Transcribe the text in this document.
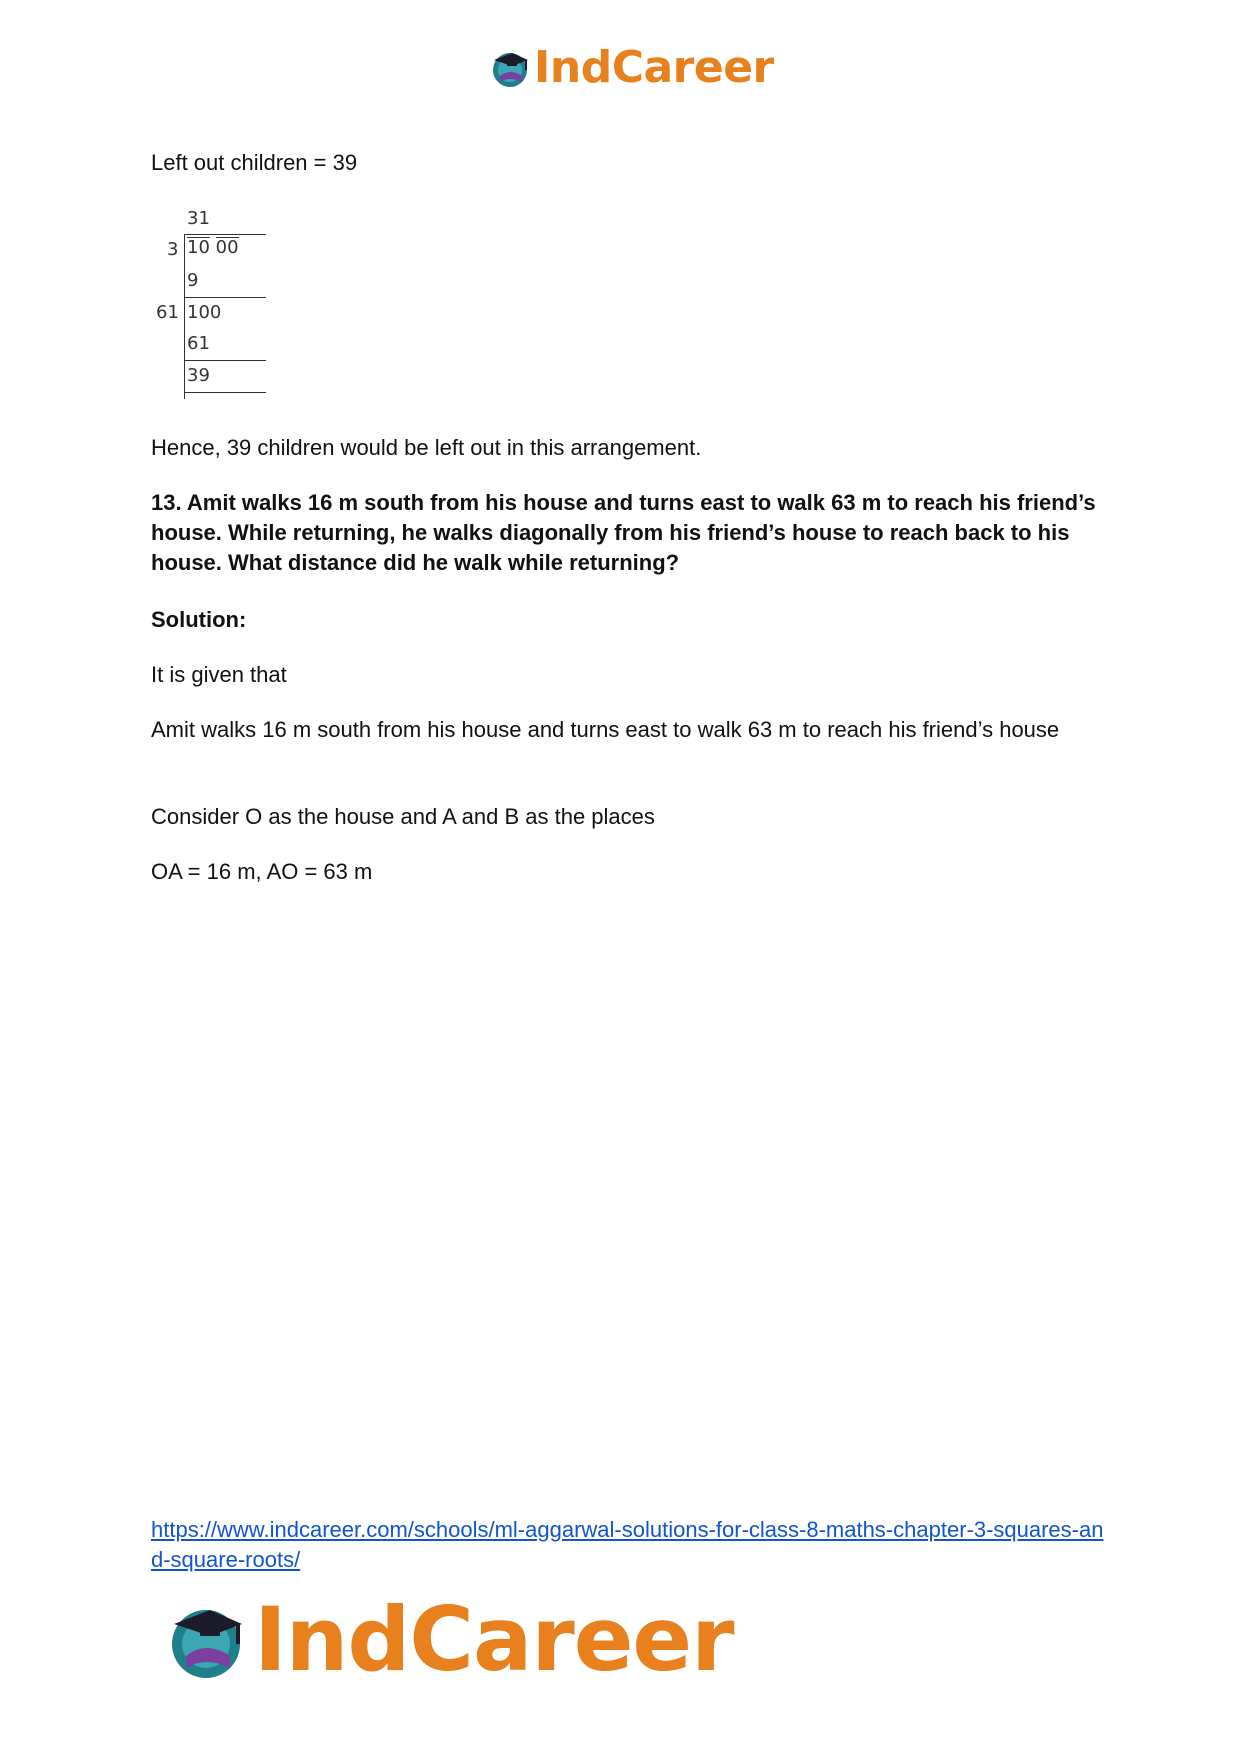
IndCareer

Left out children = 39

31
3 10 00
9
61 100
61
39

Hence, 39 children would be left out in this arrangement.

13. Amit walks 16 m south from his house and turns east to walk 63 m to reach his friend’s house. While returning, he walks diagonally from his friend’s house to reach back to his house. What distance did he walk while returning?

Solution:

It is given that

Amit walks 16 m south from his house and turns east to walk 63 m to reach his friend’s house

Consider O as the house and A and B as the places

OA = 16 m, AO = 63 m

https://www.indcareer.com/schools/ml-aggarwal-solutions-for-class-8-maths-chapter-3-squares-and-square-roots/
IndCareer
